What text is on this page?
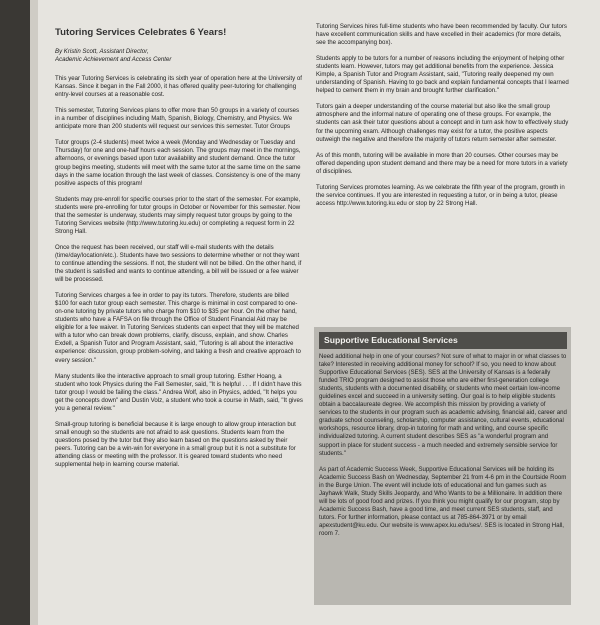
Tutoring Services Celebrates 6 Years!
By Kristin Scott, Assistant Director,
Academic Achievement and Access Center

This year Tutoring Services is celebrating its sixth year of operation here at the University of Kansas. Since it began in the Fall 2000, it has offered quality peer-tutoring for challenging entry-level courses at a reasonable cost.

This semester, Tutoring Services plans to offer more than 50 groups in a variety of courses in a number of disciplines including Math, Spanish, Biology, Chemistry, and Physics. We anticipate more than 200 students will request our services this semester. Tutor Groups

Tutor groups (2-4 students) meet twice a week (Monday and Wednesday or Tuesday and Thursday) for one and one-half hours each session. The groups may meet in the mornings, afternoons, or evenings based upon tutor availability and student demand. Once the tutor group begins meeting, students will meet with the same tutor at the same time on the same days in the same location through the last week of classes. Consistency is one of the many positive aspects of this program!

Students may pre-enroll for specific courses prior to the start of the semester. For example, students were pre-enrolling for tutor groups in October or November for this semester. Now that the semester is underway, students may simply request tutor groups by going to the Tutoring Services website (http://www.tutoring.ku.edu) or completing a request form in 22 Strong Hall.

Once the request has been received, our staff will e-mail students with the details (time/day/location/etc.). Students have two sessions to determine whether or not they want to continue attending the sessions. If not, the student will not be billed. On the other hand, if the student is satisfied and wants to continue attending, a bill will be issued or a fee waiver will be processed.

Tutoring Services charges a fee in order to pay its tutors. Therefore, students are billed $100 for each tutor group each semester. This charge is minimal in cost compared to one-on-one tutoring by private tutors who charge from $10 to $35 per hour. On the other hand, students who have a FAFSA on file through the Office of Student Financial Aid may be eligible for a fee waiver. In Tutoring Services students can expect that they will be matched with a tutor who can break down problems, clarify, discuss, explain, and show. Charles Exdell, a Spanish Tutor and Program Assistant, said, "Tutoring is all about the interactive experience: discussion, group problem-solving, and taking a fresh and creative approach to every session."

Many students like the interactive approach to small group tutoring. Esther Hoang, a student who took Physics during the Fall Semester, said, "It is helpful . . . If I didn't have this tutor group I would be failing the class." Andrea Wolf, also in Physics, added, "It helps you get the concepts down" and Dustin Volz, a student who took a course in Math, said, "It gives you a general review."

Small-group tutoring is beneficial because it is large enough to allow group interaction but small enough so the students are not afraid to ask questions. Students learn from the questions posed by the tutor but they also learn based on the questions asked by their peers. Tutoring can be a win-win for everyone in a small group but it is not a substitute for attending class or meeting with the professor. It is geared toward students who need supplemental help in learning course material.

Tutoring Services hires full-time students who have been recommended by faculty. Our tutors have excellent communication skills and have excelled in their academics (for more details, see the accompanying box).

Students apply to be tutors for a number of reasons including the enjoyment of helping other students learn. However, tutors may get additional benefits from the experience. Jessica Kimple, a Spanish Tutor and Program Assistant, said, "Tutoring really deepened my own understanding of Spanish. Having to go back and explain fundamental concepts that I learned helped to cement them in my brain and brought further clarification."

Tutors gain a deeper understanding of the course material but also like the small group atmosphere and the informal nature of operating one of these groups. For example, the students can ask their tutor questions about a concept and in turn ask how to effectively study for the upcoming exam. Although challenges may exist for a tutor, the positive aspects outweigh the negative and therefore the majority of tutors return semester after semester.

As of this month, tutoring will be available in more than 20 courses. Other courses may be offered depending upon student demand and there may be a need for more tutors in a variety of disciplines.

Tutoring Services promotes learning. As we celebrate the fifth year of the program, growth in the service continues. If you are interested in requesting a tutor, or in being a tutor, please access http://www.tutoring.ku.edu or stop by 22 Strong Hall.

Supportive Educational Services

Need additional help in one of your courses? Not sure of what to major in or what classes to take? Interested in receiving additional money for school? If so, you need to know about Supportive Educational Services (SES). SES at the University of Kansas is a federally funded TRIO program designed to assist those who are either first-generation college students, students with a documented disability, or students who meet certain low-income guidelines excel and succeed in a university setting. Our goal is to help eligible students obtain a baccalaureate degree. We accomplish this mission by providing a variety of services to the students in our program such as academic advising, financial aid, career and graduate school counseling, scholarship, computer assistance, cultural events, educational workshops, resource library, drop-in tutoring for math and writing, and course specific individualized tutoring. A current student describes SES as "a wonderful program and support in place for student success - a much needed and extremely sensible service for students."

As part of Academic Success Week, Supportive Educational Services will be holding its Academic Success Bash on Wednesday, September 21 from 4-6 pm in the Courtside Room in the Burge Union. The event will include lots of educational and fun games such as Jayhawk Walk, Study Skills Jeopardy, and Who Wants to be a Millionaire. In addition there will be lots of good food and prizes. If you think you might qualify for our program, stop by Academic Success Bash, have a good time, and meet current SES students, staff, and tutors. For further information, please contact us at 785-864-3971 or by email apexstudent@ku.edu. Our website is www.apex.ku.edu/ses/. SES is located in Strong Hall, room 7.
